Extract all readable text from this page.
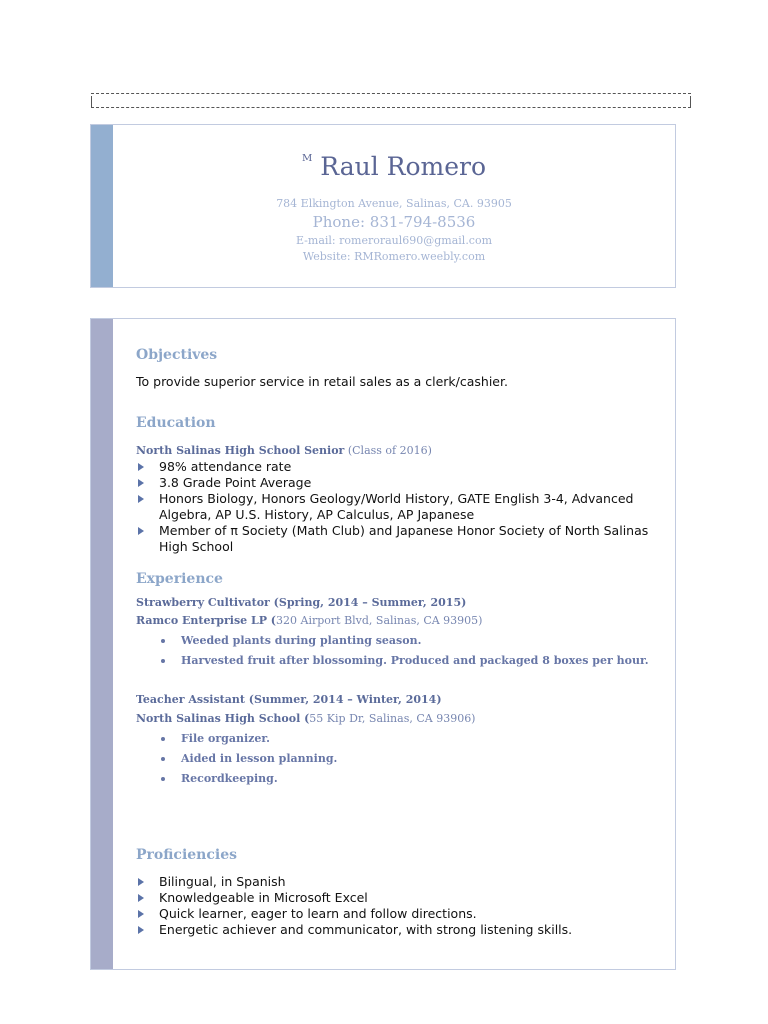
$^ᴹ$ Raul Romero
784 Elkington Avenue, Salinas, CA. 93905
Phone: 831-794-8536
E-mail: romeroraul690@gmail.com
Website: RMRomero.weebly.com
Objectives
To provide superior service in retail sales as a clerk/cashier.
Education
North Salinas High School Senior (Class of 2016)
98% attendance rate
3.8 Grade Point Average
Honors Biology, Honors Geology/World History, GATE English 3-4, Advanced Algebra, AP U.S. History, AP Calculus, AP Japanese
Member of π Society (Math Club) and Japanese Honor Society of North Salinas High School
Experience
Strawberry Cultivator (Spring, 2014 – Summer, 2015)
Ramco Enterprise LP (320 Airport Blvd, Salinas, CA 93905)
Weeded plants during planting season.
Harvested fruit after blossoming. Produced and packaged 8 boxes per hour.
Teacher Assistant (Summer, 2014 – Winter, 2014)
North Salinas High School (55 Kip Dr, Salinas, CA 93906)
File organizer.
Aided in lesson planning.
Recordkeeping.
Proficiencies
Bilingual, in Spanish
Knowledgeable in Microsoft Excel
Quick learner, eager to learn and follow directions.
Energetic achiever and communicator, with strong listening skills.
